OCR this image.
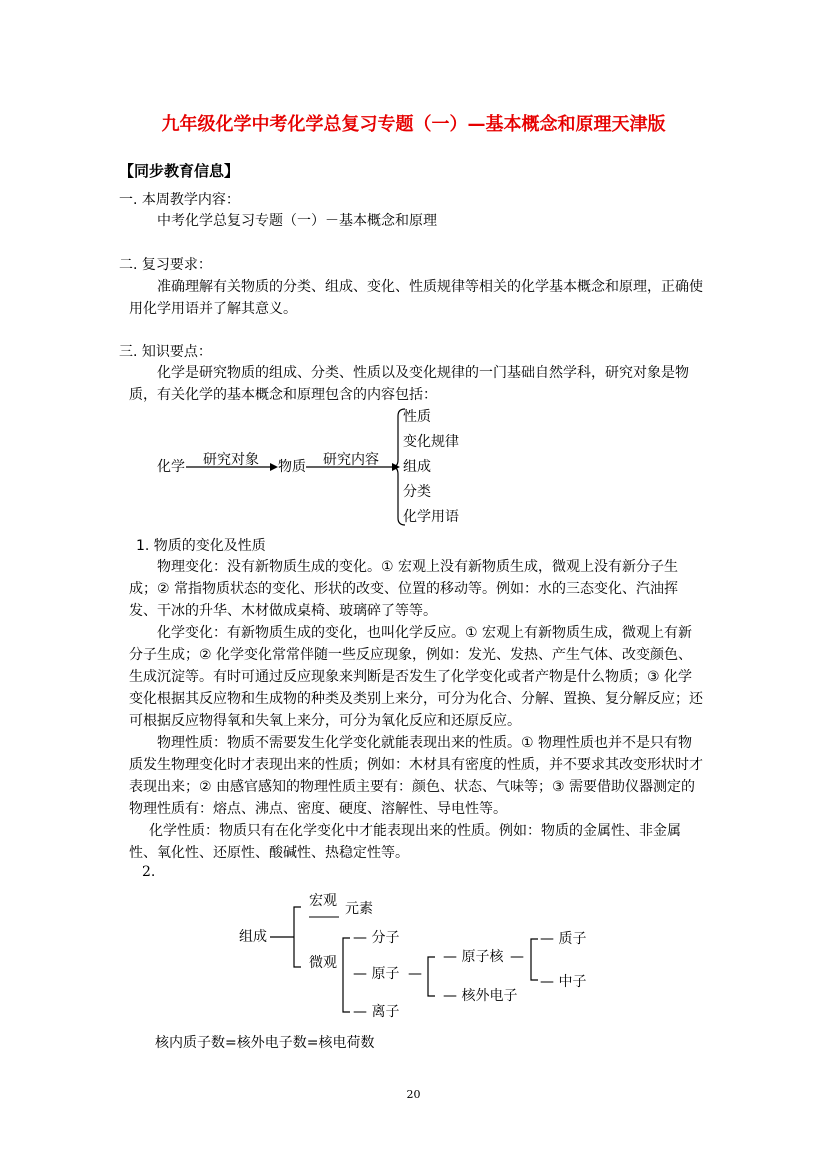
九年级化学中考化学总复习专题（一）—基本概念和原理天津版
【同步教育信息】
一. 本周教学内容：
中考化学总复习专题（一）－基本概念和原理
二. 复习要求：
准确理解有关物质的分类、组成、变化、性质规律等相关的化学基本概念和原理，正确使用化学用语并了解其意义。
三. 知识要点：
化学是研究物质的组成、分类、性质以及变化规律的一门基础自然学科，研究对象是物质，有关化学的基本概念和原理包含的内容包括：
化学 研究对象 物质 研究内容
性质
变化规律
组成
分类
化学用语
1. 物质的变化及性质
物理变化：没有新物质生成的变化。① 宏观上没有新物质生成，微观上没有新分子生成；② 常指物质状态的变化、形状的改变、位置的移动等。例如：水的三态变化、汽油挥发、干冰的升华、木材做成桌椅、玻璃碎了等等。
化学变化：有新物质生成的变化，也叫化学反应。① 宏观上有新物质生成，微观上有新分子生成；② 化学变化常常伴随一些反应现象，例如：发光、发热、产生气体、改变颜色、生成沉淀等。有时可通过反应现象来判断是否发生了化学变化或者产物是什么物质；③ 化学变化根据其反应物和生成物的种类及类别上来分，可分为化合、分解、置换、复分解反应；还可根据反应物得氧和失氧上来分，可分为氧化反应和还原反应。
物理性质：物质不需要发生化学变化就能表现出来的性质。① 物理性质也并不是只有物质发生物理变化时才表现出来的性质；例如：木材具有密度的性质，并不要求其改变形状时才表现出来；② 由感官感知的物理性质主要有：颜色、状态、气味等；③ 需要借助仪器测定的物理性质有：熔点、沸点、密度、硬度、溶解性、导电性等。
化学性质：物质只有在化学变化中才能表现出来的性质。例如：物质的金属性、非金属性、氧化性、还原性、酸碱性、热稳定性等。
2.
组成
宏观 元素
微观
— 分子
— 原子 —
— 离子
— 原子核 —
— 核外电子
— 质子
— 中子
核内质子数=核外电子数=核电荷数
20
